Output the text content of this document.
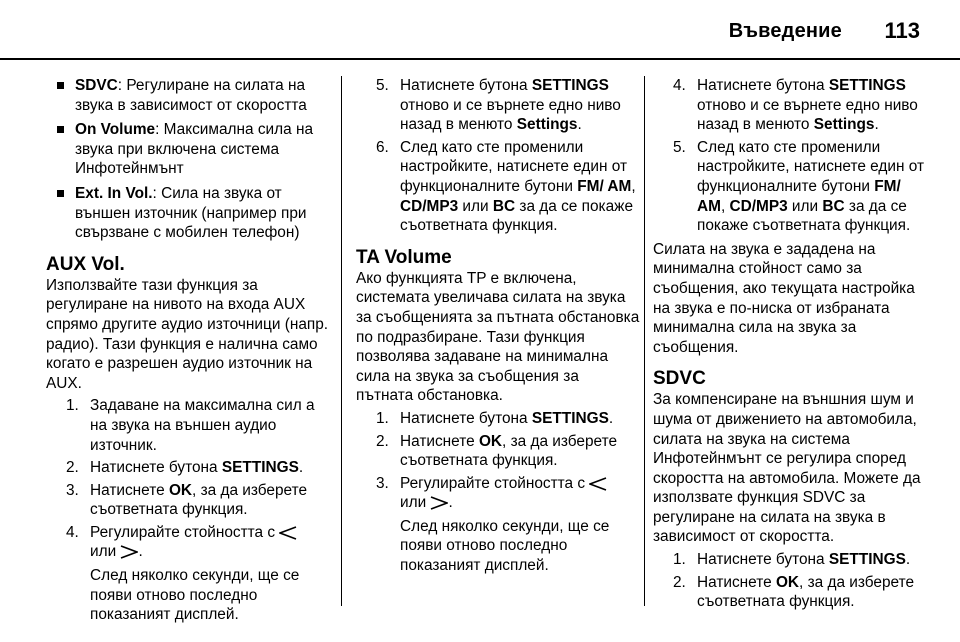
Въведение 113
SDVC: Регулиране на силата на звука в зависимост от скоростта
On Volume: Максимална сила на звука при включена система Инфотейнмънт
Ext. In Vol.: Сила на звука от външен източник (например при свързване с мобилен телефон)
AUX Vol.

Използвайте тази функция за регулиране на нивото на входа AUX спрямо другите аудио източници (напр. радио). Тази функция е налична само когато е разрешен аудио източник на AUX.

1. Задаване на максимална сил а на звука на външен аудио източник.
2. Натиснете бутона SETTINGS.
3. Натиснете OK, за да изберете съответната функция.
4. Регулирайте стойността с
или .

След няколко секунди, ще се появи отново последно показаният дисплей.

5. Натиснете бутона SETTINGS отново и се върнете едно ниво назад в менюто Settings.
6. След като сте променили настройките, натиснете един от функционалните бутони FM/ AM, CD/MP3 или BC за да се покаже съответната функция.
TA Volume

Ако функцията TP е включена, системата увеличава силата на звука за съобщенията за пътната обстановка по подразбиране. Тази функция позволява задаване на минимална сила на звука за съобщения за пътната обстановка.

1. Натиснете бутона SETTINGS.
2. Натиснете OK, за да изберете съответната функция.
3. Регулирайте стойността с
или .

След няколко секунди, ще се появи отново последно показаният дисплей.

4. Натиснете бутона SETTINGS отново и се върнете едно ниво назад в менюто Settings.
5. След като сте променили настройките, натиснете един от функционалните бутони FM/ AM, CD/MP3 или BC за да се покаже съответната функция.

Силата на звука е зададена на минимална стойност само за съобщения, ако текущата настройка на звука е по-ниска от избраната минимална сила на звука за съобщения.

SDVC

За компенсиране на външния шум и шума от движението на автомобила, силата на звука на система Инфотейнмънт се регулира според скоростта на автомобила. Можете да използвате функция SDVC за регулиране на силата на звука в зависимост от скоростта.

1. Натиснете бутона SETTINGS.
2. Натиснете OK, за да изберете съответната функция.
